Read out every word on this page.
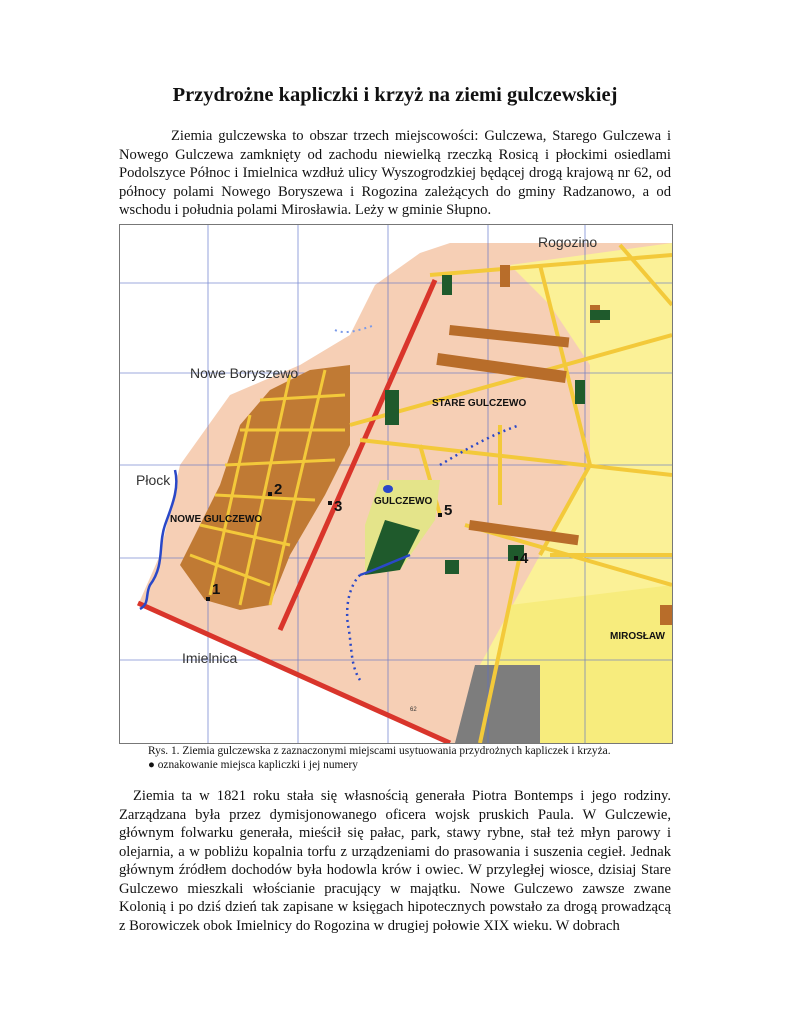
Przydrożne kapliczki i krzyż na ziemi gulczewskiej

Ziemia gulczewska to obszar trzech miejscowości: Gulczewa, Starego Gulczewa i Nowego Gulczewa zamknięty od zachodu niewielką rzeczką Rosicą i płockimi osiedlami Podolszyce Północ i Imielnica wzdłuż ulicy Wyszogrodzkiej będącej drogą krajową nr 62, od północy polami Nowego Boryszewa i Rogozina zależących do gminy Radzanowo, a od wschodu i południa polami Mirosławia. Leży w gminie Słupno.

1
2
3
4
5
Rogozino
Nowe Boryszewo
Płock
Imielnica
STARE GULCZEWO
NOWE GULCZEWO
GULCZEWO
MIROSŁAW
62

Rys. 1. Ziemia gulczewska z zaznaczonymi miejscami usytuowania przydrożnych kapliczek i krzyża.

● oznakowanie miejsca kapliczki i jej numery

Ziemia ta w 1821 roku stała się własnością generała Piotra Bontemps i jego rodziny. Zarządzana była przez dymisjonowanego oficera wojsk pruskich Paula. W Gulczewie, głównym folwarku generała, mieścił się pałac, park, stawy rybne, stał też młyn parowy i olejarnia, a w pobliżu kopalnia torfu z urządzeniami do prasowania i suszenia cegieł. Jednak głównym źródłem dochodów była hodowla krów i owiec. W przyległej wiosce, dzisiaj Stare Gulczewo mieszkali włościanie pracujący w majątku. Nowe Gulczewo zawsze zwane Kolonią i po dziś dzień tak zapisane w księgach hipotecznych powstało za drogą prowadzącą z Borowiczek obok Imielnicy do Rogozina w drugiej połowie XIX wieku. W dobrach
